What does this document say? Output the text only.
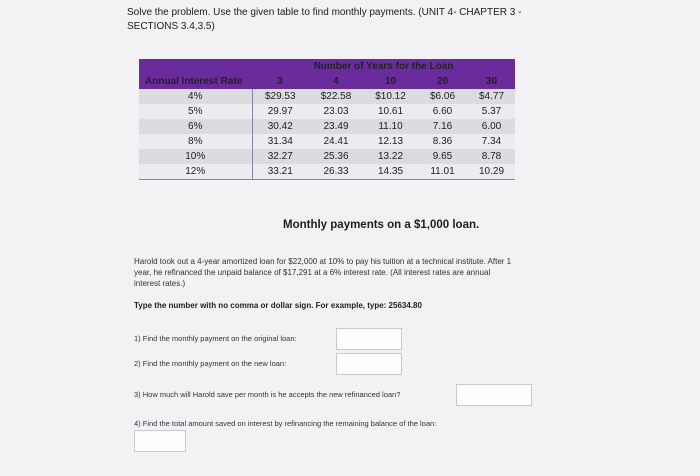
Solve the problem. Use the given table to find monthly payments. (UNIT 4- CHAPTER 3 - SECTIONS 3.4,3.5)
	Number of Years for the Loan				
Annual Interest Rate	3	4	10	20	30
4%	$29.53	$22.58	$10.12	$6.06	$4.77
5%	29.97	23.03	10.61	6.60	5.37
6%	30.42	23.49	11.10	7.16	6.00
8%	31.34	24.41	12.13	8.36	7.34
10%	32.27	25.36	13.22	9.65	8.78
12%	33.21	26.33	14.35	11.01	10.29
Monthly payments on a $1,000 loan.
Harold took out a 4-year amortized loan for $22,000 at 10% to pay his tuition at a technical institute. After 1 year, he refinanced the unpaid balance of $17,291 at a 6% interest rate. (All interest rates are annual interest rates.)
Type the number with no comma or dollar sign. For example, type: 25634.80
1) Find the monthly payment on the original loan:
2) Find the monthly payment on the new loan:
3) How much will Harold save per month is he accepts the new refinanced loan?
4) Find the total amount saved on interest by refinancing the remaining balance of the loan:
